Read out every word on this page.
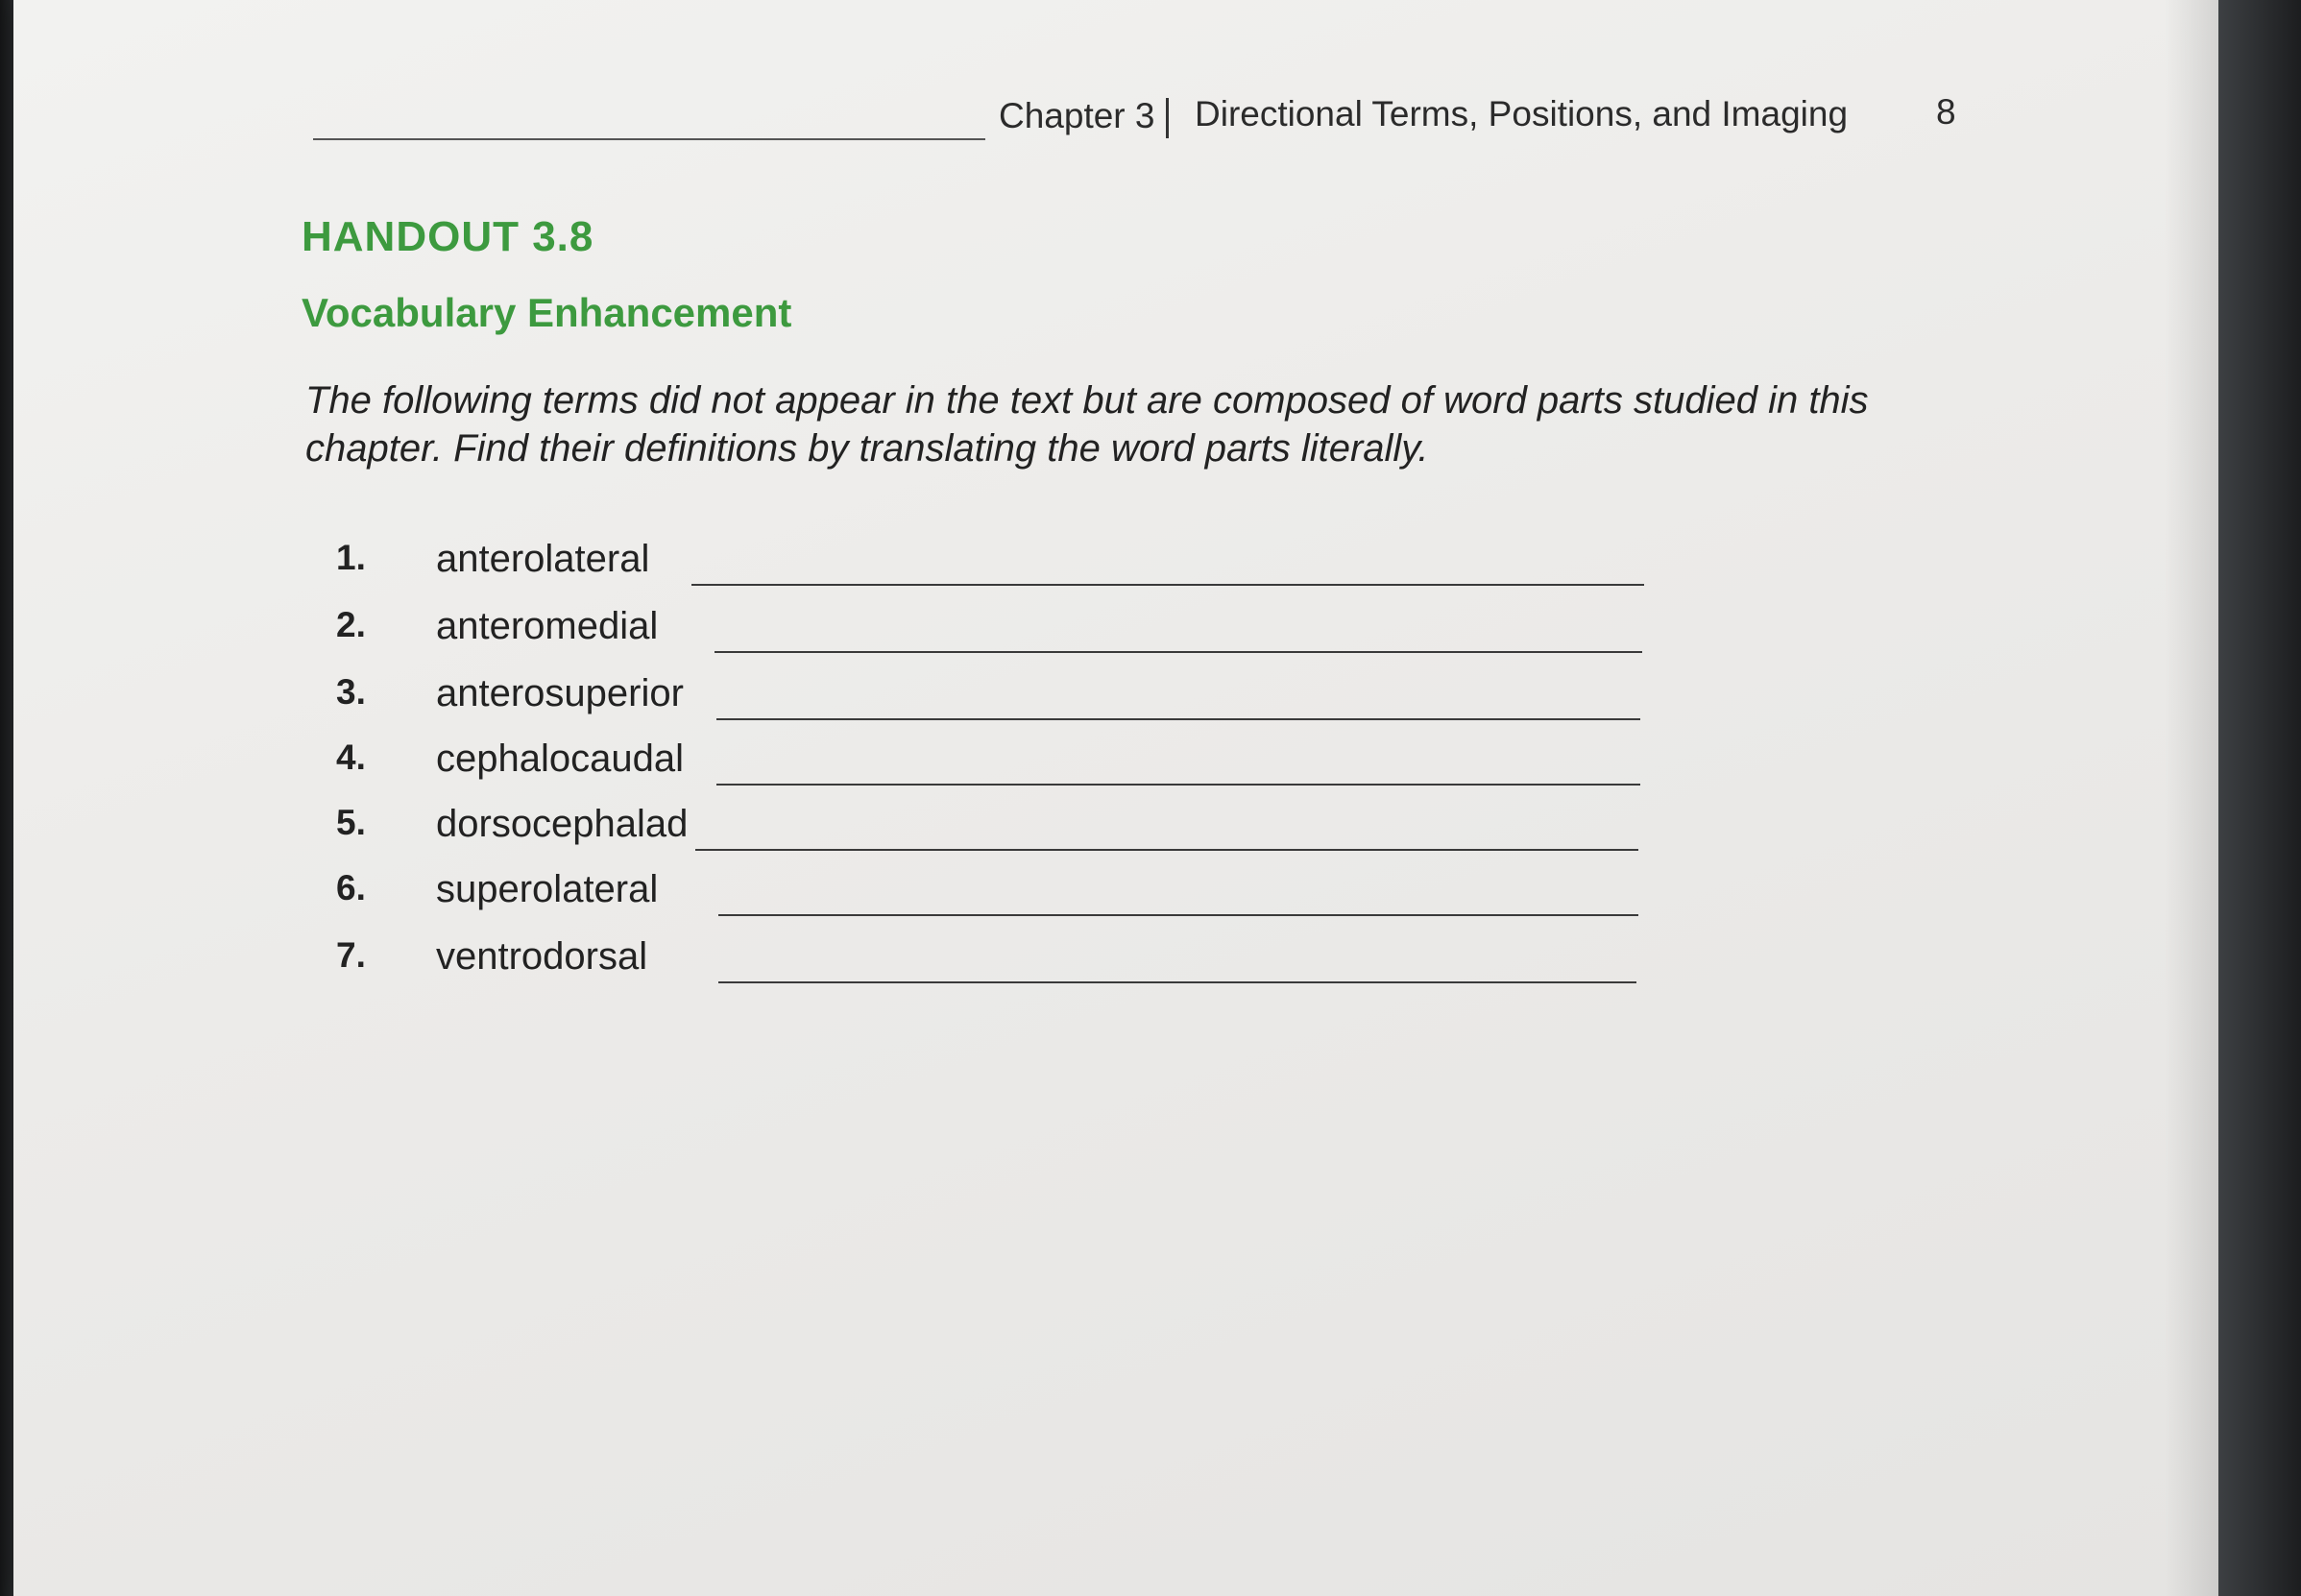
Chapter 3 Directional Terms, Positions, and Imaging 8
HANDOUT 3.8
Vocabulary Enhancement
The following terms did not appear in the text but are composed of word parts studied in this chapter. Find their definitions by translating the word parts literally.
1.	anterolateral
2.	anteromedial
3.	anterosuperior
4.	cephalocaudal
5.	dorsocephalad
6.	superolateral
7.	ventrodorsal
